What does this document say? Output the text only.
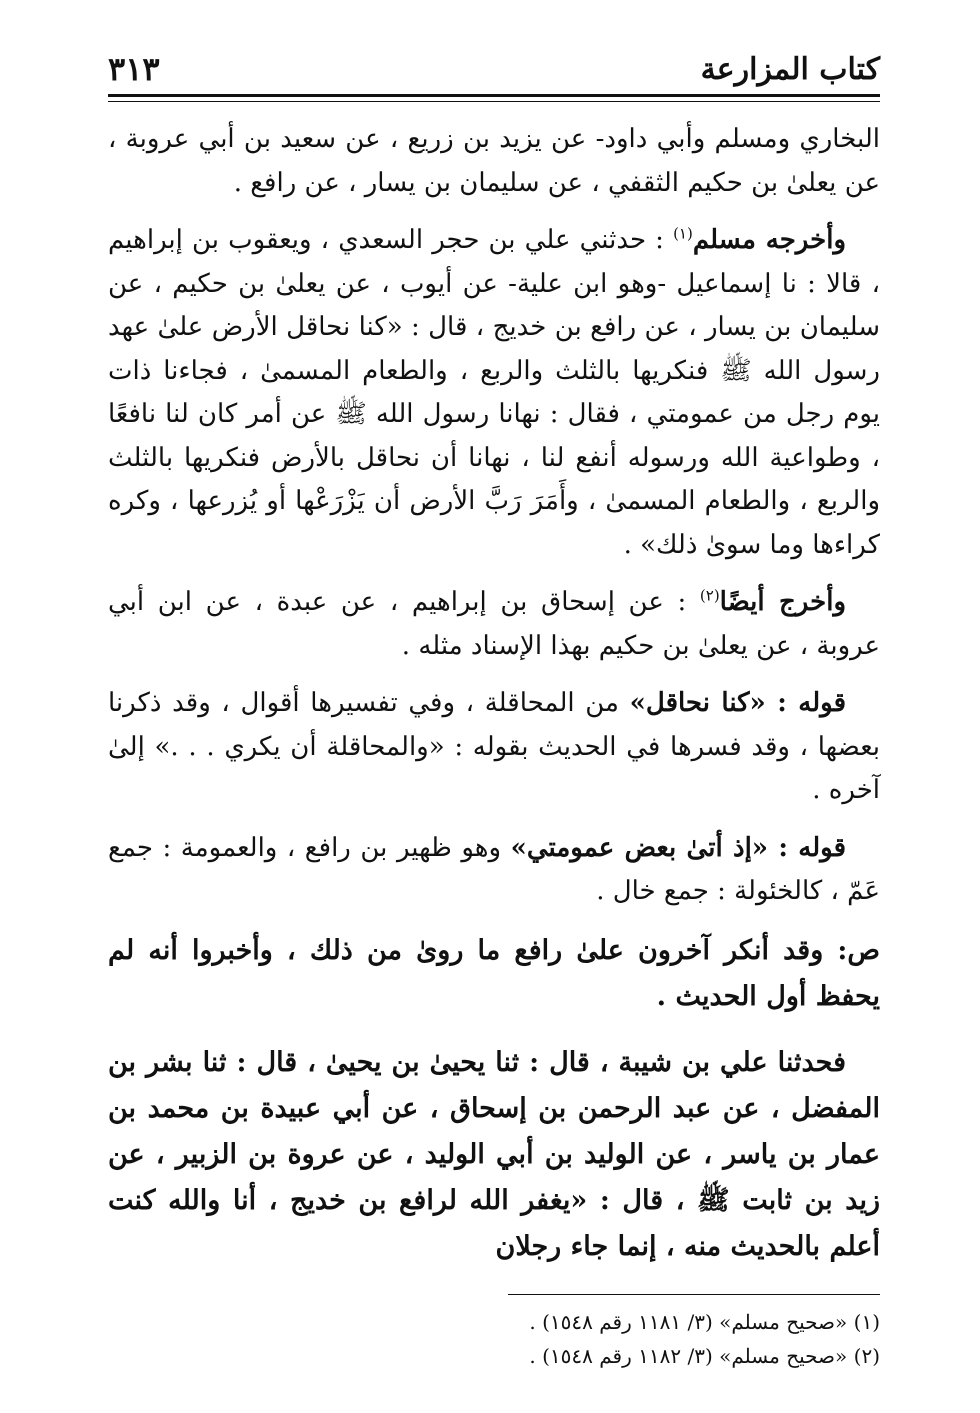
كتاب المزارعة
٣١٣

البخاري ومسلم وأبي داود- عن يزيد بن زريع ، عن سعيد بن أبي عروبة ، عن يعلىٰ بن حكيم الثقفي ، عن سليمان بن يسار ، عن رافع .

وأخرجه مسلم$^{(١)}$ : حدثني علي بن حجر السعدي ، ويعقوب بن إبراهيم ، قالا : نا إسماعيل -وهو ابن علية- عن أيوب ، عن يعلىٰ بن حكيم ، عن سليمان بن يسار ، عن رافع بن خديج ، قال : «كنا نحاقل الأرض علىٰ عهد رسول الله ﷺ فنكريها بالثلث والربع ، والطعام المسمىٰ ، فجاءنا ذات يوم رجل من عمومتي ، فقال : نهانا رسول الله ﷺ عن أمر كان لنا نافعًا ، وطواعية الله ورسوله أنفع لنا ، نهانا أن نحاقل بالأرض فنكريها بالثلث والربع ، والطعام المسمىٰ ، وأَمَرَ رَبَّ الأرض أن يَزْرَعْها أو يُزرعها ، وكره كراءها وما سوىٰ ذلك» .

وأخرج أيضًا$^{(٢)}$ : عن إسحاق بن إبراهيم ، عن عبدة ، عن ابن أبي عروبة ، عن يعلىٰ بن حكيم بهذا الإسناد مثله .

قوله : «كنا نحاقل» من المحاقلة ، وفي تفسيرها أقوال ، وقد ذكرنا بعضها ، وقد فسرها في الحديث بقوله : «والمحاقلة أن يكري . . .» إلىٰ آخره .

قوله : «إذ أتىٰ بعض عمومتي» وهو ظهير بن رافع ، والعمومة : جمع عَمّ ، كالخئولة : جمع خال .

ص: وقد أنكر آخرون علىٰ رافع ما روىٰ من ذلك ، وأخبروا أنه لم يحفظ أول الحديث .

فحدثنا علي بن شيبة ، قال : ثنا يحيىٰ بن يحيىٰ ، قال : ثنا بشر بن المفضل ، عن عبد الرحمن بن إسحاق ، عن أبي عبيدة بن محمد بن عمار بن ياسر ، عن الوليد بن أبي الوليد ، عن عروة بن الزبير ، عن زيد بن ثابت ﷺ ، قال : «يغفر الله لرافع بن خديج ، أنا والله كنت أعلم بالحديث منه ، إنما جاء رجلان

(١) «صحيح مسلم» (٣/ ١١٨١ رقم ١٥٤٨) .

(٢) «صحيح مسلم» (٣/ ١١٨٢ رقم ١٥٤٨) .
